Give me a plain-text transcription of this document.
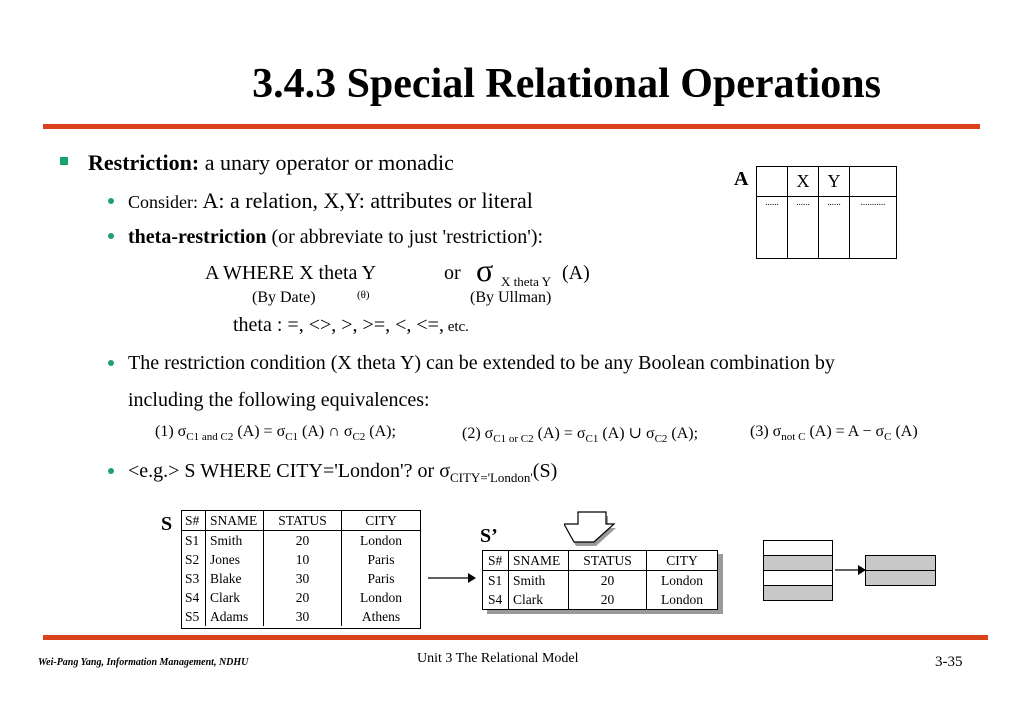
3.4.3 Special Relational Operations
Restriction: a unary operator or monadic
Consider: A: a relation, X,Y: attributes or literal
theta-restriction (or abbreviate to just 'restriction'):
A WHERE X theta Y	or σ X theta Y (A)
(By Date)	(θ)	(By Ullman)
theta : =, <>, >, >=, <, <=, etc.
The restriction condition (X theta Y) can be extended to be any Boolean combination by
including the following equivalences:
(1) $\sigma_{C1 and C2}$ $(A) = \sigma_{C1}$ (A) ∩ $\sigma_{C2}$ (A);	(2) $\sigma_{C1 or C2}$ $(A) = \sigma_{C1}$ (A) ∪ $\sigma_{C2}$ (A);	(3) $\sigma_{not C}$ $(A) = A - \sigma_C$ (A)
<e.g.> S WHERE CITY='London'? or $\sigma_{CITY='London'}(S)$
A
		X	Y	
......	......	......	...........
S S# SNAME	STATUS	CITY
S1 Smith	20	London
S2 Jones	10	Paris
S3 Blake	30	Paris
S4 Clark	20	London
S5 Adams	30	Athens
S’
S# SNAME	STATUS	CITY
S1 Smith	20	London
S4 Clark	20	London
Wei-Pang Yang, Information Management, NDHU	Unit 3 The Relational Model	3-35
